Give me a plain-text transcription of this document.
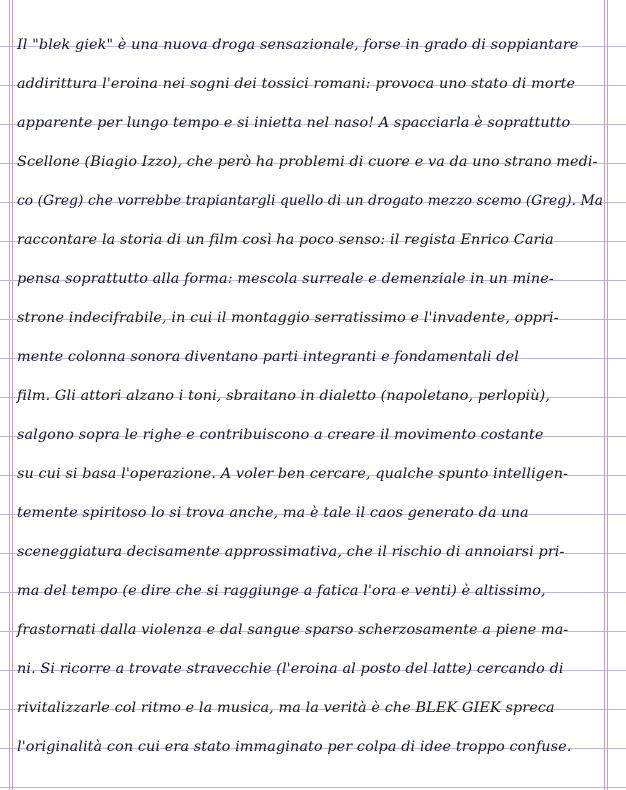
Il "blek giek" è una nuova droga sensazionale, forse in grado di soppiantare
addirittura l'eroina nei sogni dei tossici romani: provoca uno stato di morte
apparente per lungo tempo e si inietta nel naso! A spacciarla è soprattutto
Scellone (Biagio Izzo), che però ha problemi di cuore e va da uno strano medi-
co (Greg) che vorrebbe trapiantargli quello di un drogato mezzo scemo (Greg). Ma
raccontare la storia di un film così ha poco senso: il regista Enrico Caria
pensa soprattutto alla forma: mescola surreale e demenziale in un mine-
strone indecifrabile, in cui il montaggio serratissimo e l'invadente, oppri-
mente colonna sonora diventano parti integranti e fondamentali del
film. Gli attori alzano i toni, sbraitano in dialetto (napoletano, perlopiù),
salgono sopra le righe e contribuiscono a creare il movimento costante
su cui si basa l'operazione. A voler ben cercare, qualche spunto intelligen-
temente spiritoso lo si trova anche, ma è tale il caos generato da una
sceneggiatura decisamente approssimativa, che il rischio di annoiarsi pri-
ma del tempo (e dire che si raggiunge a fatica l'ora e venti) è altissimo,
frastornati dalla violenza e dal sangue sparso scherzosamente a piene ma-
ni. Si ricorre a trovate stravecchie (l'eroina al posto del latte) cercando di
rivitalizzarle col ritmo e la musica, ma la verità è che BLEK GIEK spreca
l'originalità con cui era stato immaginato per colpa di idee troppo confuse.
